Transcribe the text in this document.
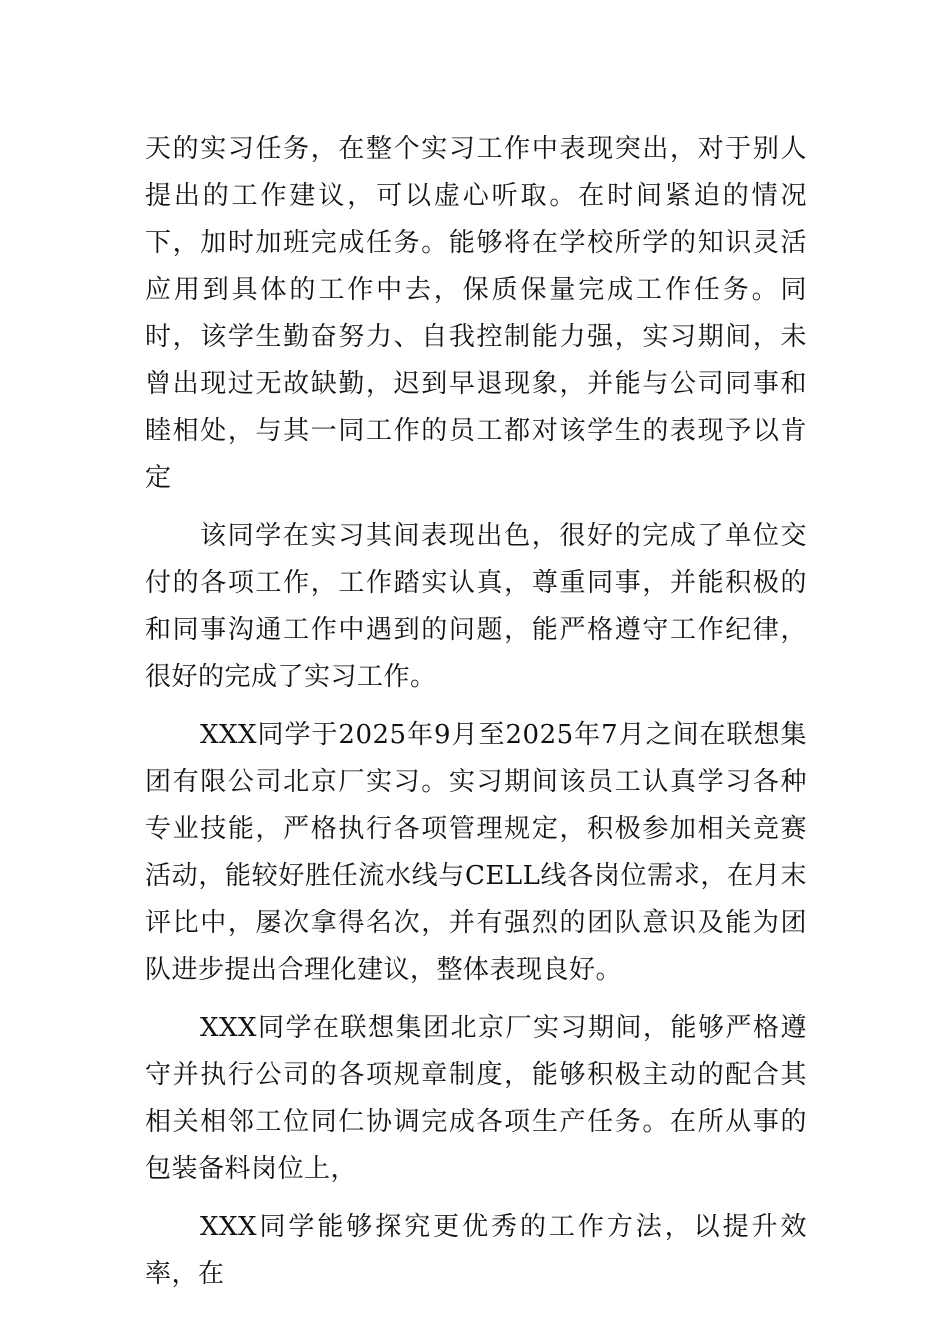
天的实习任务，在整个实习工作中表现突出，对于别人提出的工作建议，可以虚心听取。在时间紧迫的情况下，加时加班完成任务。能够将在学校所学的知识灵活应用到具体的工作中去，保质保量完成工作任务。同时，该学生勤奋努力、自我控制能力强，实习期间，未曾出现过无故缺勤，迟到早退现象，并能与公司同事和睦相处，与其一同工作的员工都对该学生的表现予以肯定

该同学在实习其间表现出色，很好的完成了单位交付的各项工作，工作踏实认真，尊重同事，并能积极的和同事沟通工作中遇到的问题，能严格遵守工作纪律，很好的完成了实习工作。

XXX同学于2025年9月至2025年7月之间在联想集团有限公司北京厂实习。实习期间该员工认真学习各种专业技能，严格执行各项管理规定，积极参加相关竞赛活动，能较好胜任流水线与CELL线各岗位需求，在月末评比中，屡次拿得名次，并有强烈的团队意识及能为团队进步提出合理化建议，整体表现良好。

XXX同学在联想集团北京厂实习期间，能够严格遵守并执行公司的各项规章制度，能够积极主动的配合其相关相邻工位同仁协调完成各项生产任务。在所从事的包装备料岗位上，

XXX同学能够探究更优秀的工作方法，以提升效率，在
